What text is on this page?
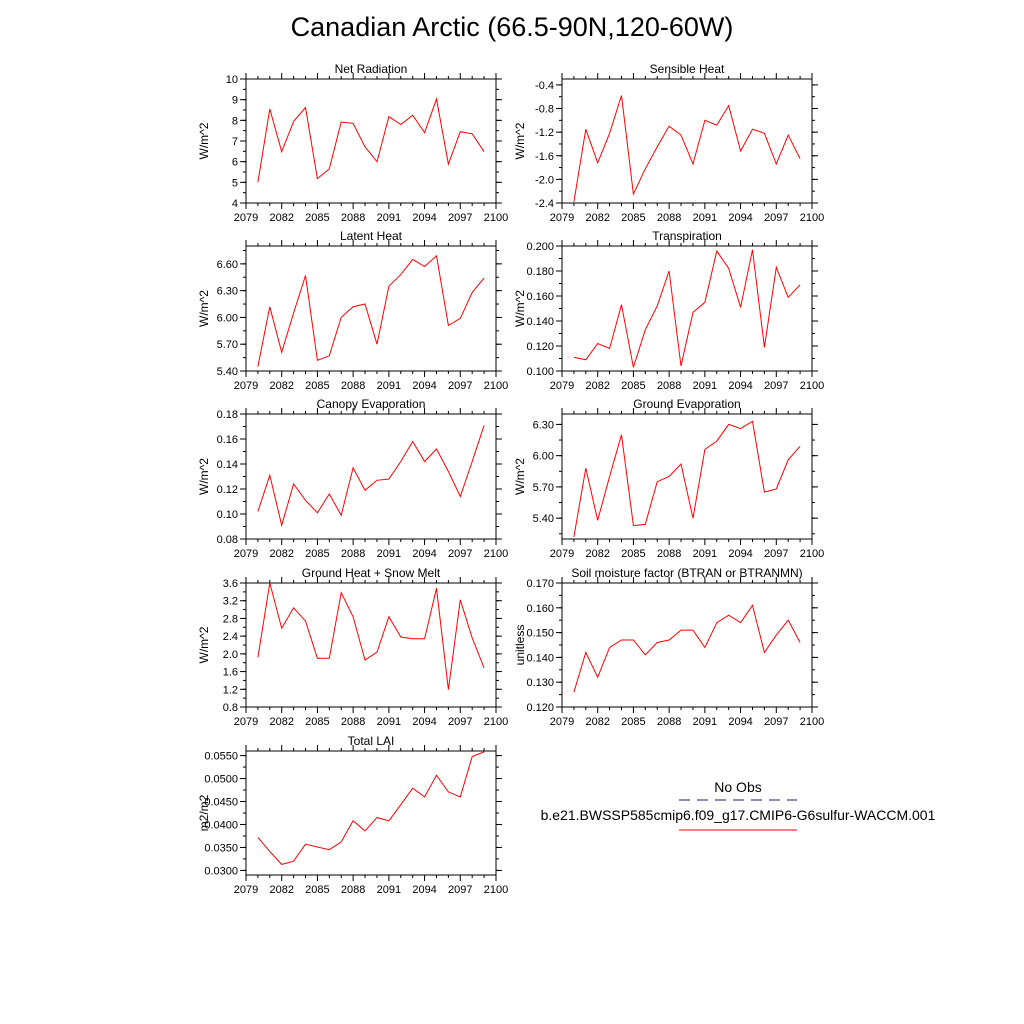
Canadian Arctic (66.5-90N,120-60W)
2079 2082 2085 2088 2091 2094 2097 2100
4
5
6
7
8
9
10
Net Radiation
W/m^2
2079 2082 2085 2088 2091 2094 2097 2100
-2.4
-2.0
-1.6
-1.2
-0.8
-0.4
Sensible Heat
W/m^2
2079 2082 2085 2088 2091 2094 2097 2100
5.40
5.70
6.00
6.30
6.60
Latent Heat
W/m^2
2079 2082 2085 2088 2091 2094 2097 2100
0.100
0.120
0.140
0.160
0.180
0.200
Transpiration
W/m^2
2079 2082 2085 2088 2091 2094 2097 2100
0.08
0.10
0.12
0.14
0.16
0.18
Canopy Evaporation
W/m^2
2079 2082 2085 2088 2091 2094 2097 2100
5.40
5.70
6.00
6.30
Ground Evaporation
W/m^2
2079 2082 2085 2088 2091 2094 2097 2100
0.8
1.2
1.6
2.0
2.4
2.8
3.2
3.6
Ground Heat + Snow Melt
W/m^2
2079 2082 2085 2088 2091 2094 2097 2100
0.120
0.130
0.140
0.150
0.160
0.170
Soil moisture factor (BTRAN or BTRANMN)
unitless
2079 2082 2085 2088 2091 2094 2097 2100
0.0300
0.0350
0.0400
0.0450
0.0500
0.0550
Total LAI
m2/m2
No Obs
b.e21.BWSSP585cmip6.f09_g17.CMIP6-G6sulfur-WACCM.001
